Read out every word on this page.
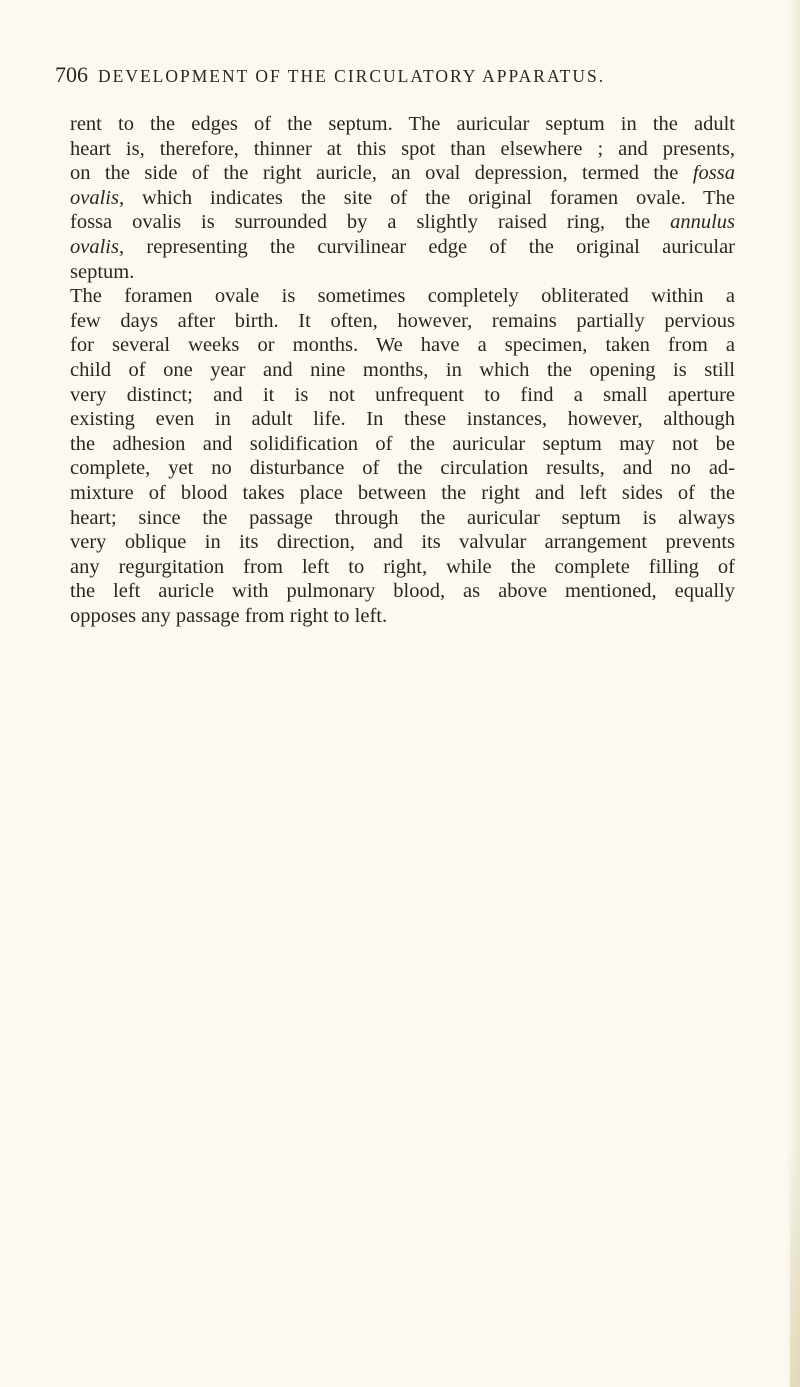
706 DEVELOPMENT OF THE CIRCULATORY APPARATUS.
rent to the edges of the septum. The auricular septum in the adult
heart is, therefore, thinner at this spot than elsewhere ; and presents,
on the side of the right auricle, an oval depression, termed the fossa
ovalis, which indicates the site of the original foramen ovale. The
fossa ovalis is surrounded by a slightly raised ring, the annulus
ovalis, representing the curvilinear edge of the original auricular
septum.
The foramen ovale is sometimes completely obliterated within a
few days after birth. It often, however, remains partially pervious
for several weeks or months. We have a specimen, taken from a
child of one year and nine months, in which the opening is still
very distinct; and it is not unfrequent to find a small aperture
existing even in adult life. In these instances, however, although
the adhesion and solidification of the auricular septum may not be
complete, yet no disturbance of the circulation results, and no ad-
mixture of blood takes place between the right and left sides of the
heart; since the passage through the auricular septum is always
very oblique in its direction, and its valvular arrangement prevents
any regurgitation from left to right, while the complete filling of
the left auricle with pulmonary blood, as above mentioned, equally
opposes any passage from right to left.
